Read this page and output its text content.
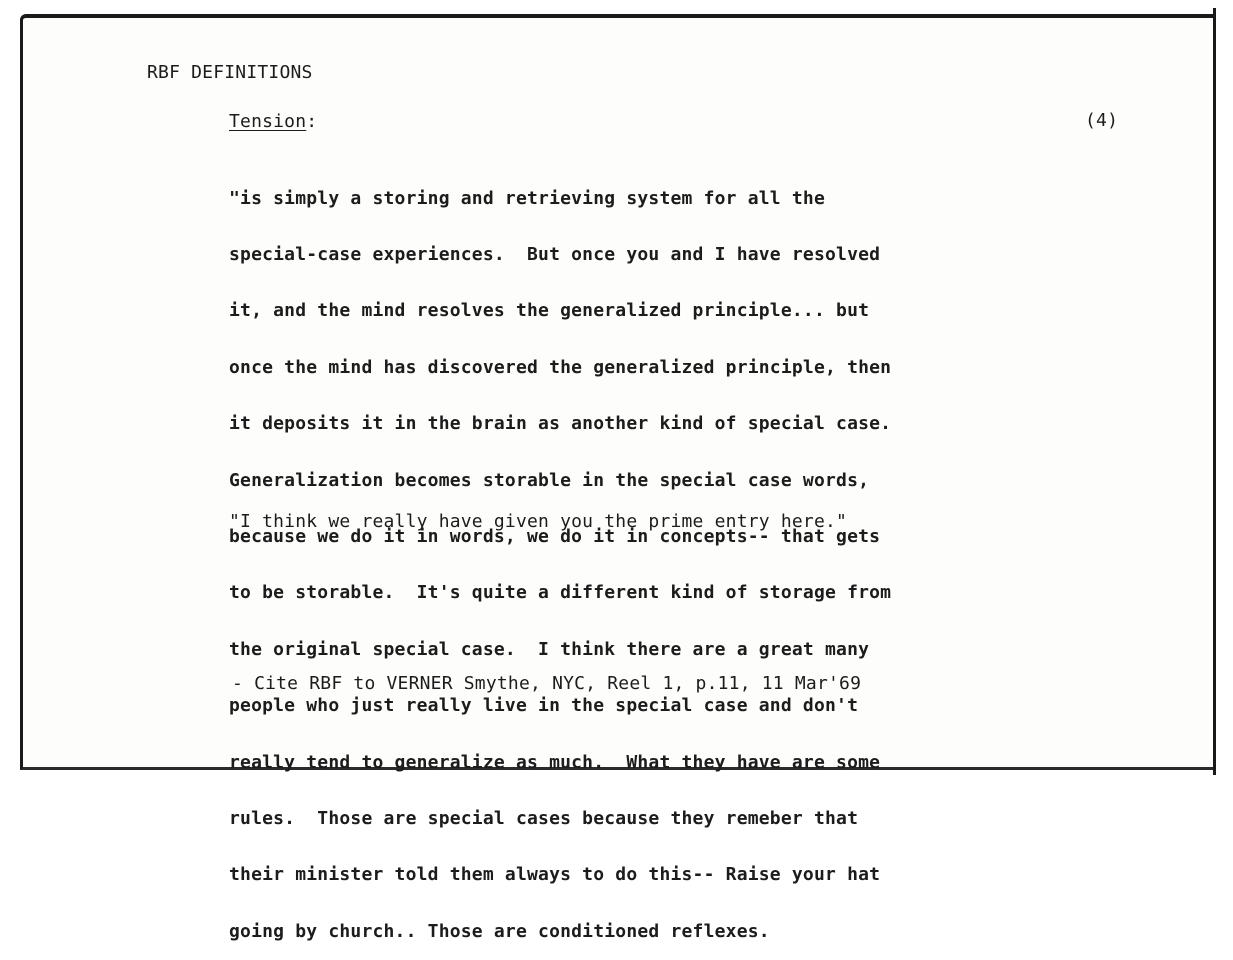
RBF DEFINITIONS
Tension:	(4)

"is simply a storing and retrieving system for all the

special-case experiences.  But once you and I have resolved

it, and the mind resolves the generalized principle... but

once the mind has discovered the generalized principle, then

it deposits it in the brain as another kind of special case.

Generalization becomes storable in the special case words,

because we do it in words, we do it in concepts-- that gets

to be storable.  It's quite a different kind of storage from

the original special case.  I think there are a great many

people who just really live in the special case and don't

really tend to generalize as much.  What they have are some

rules.  Those are special cases because they remeber that

their minister told them always to do this-- Raise your hat

going by church.. Those are conditioned reflexes.

"I think we really have given you the prime entry here."
- Cite RBF to VERNER Smythe, NYC, Reel 1, p.11, 11 Mar'69
